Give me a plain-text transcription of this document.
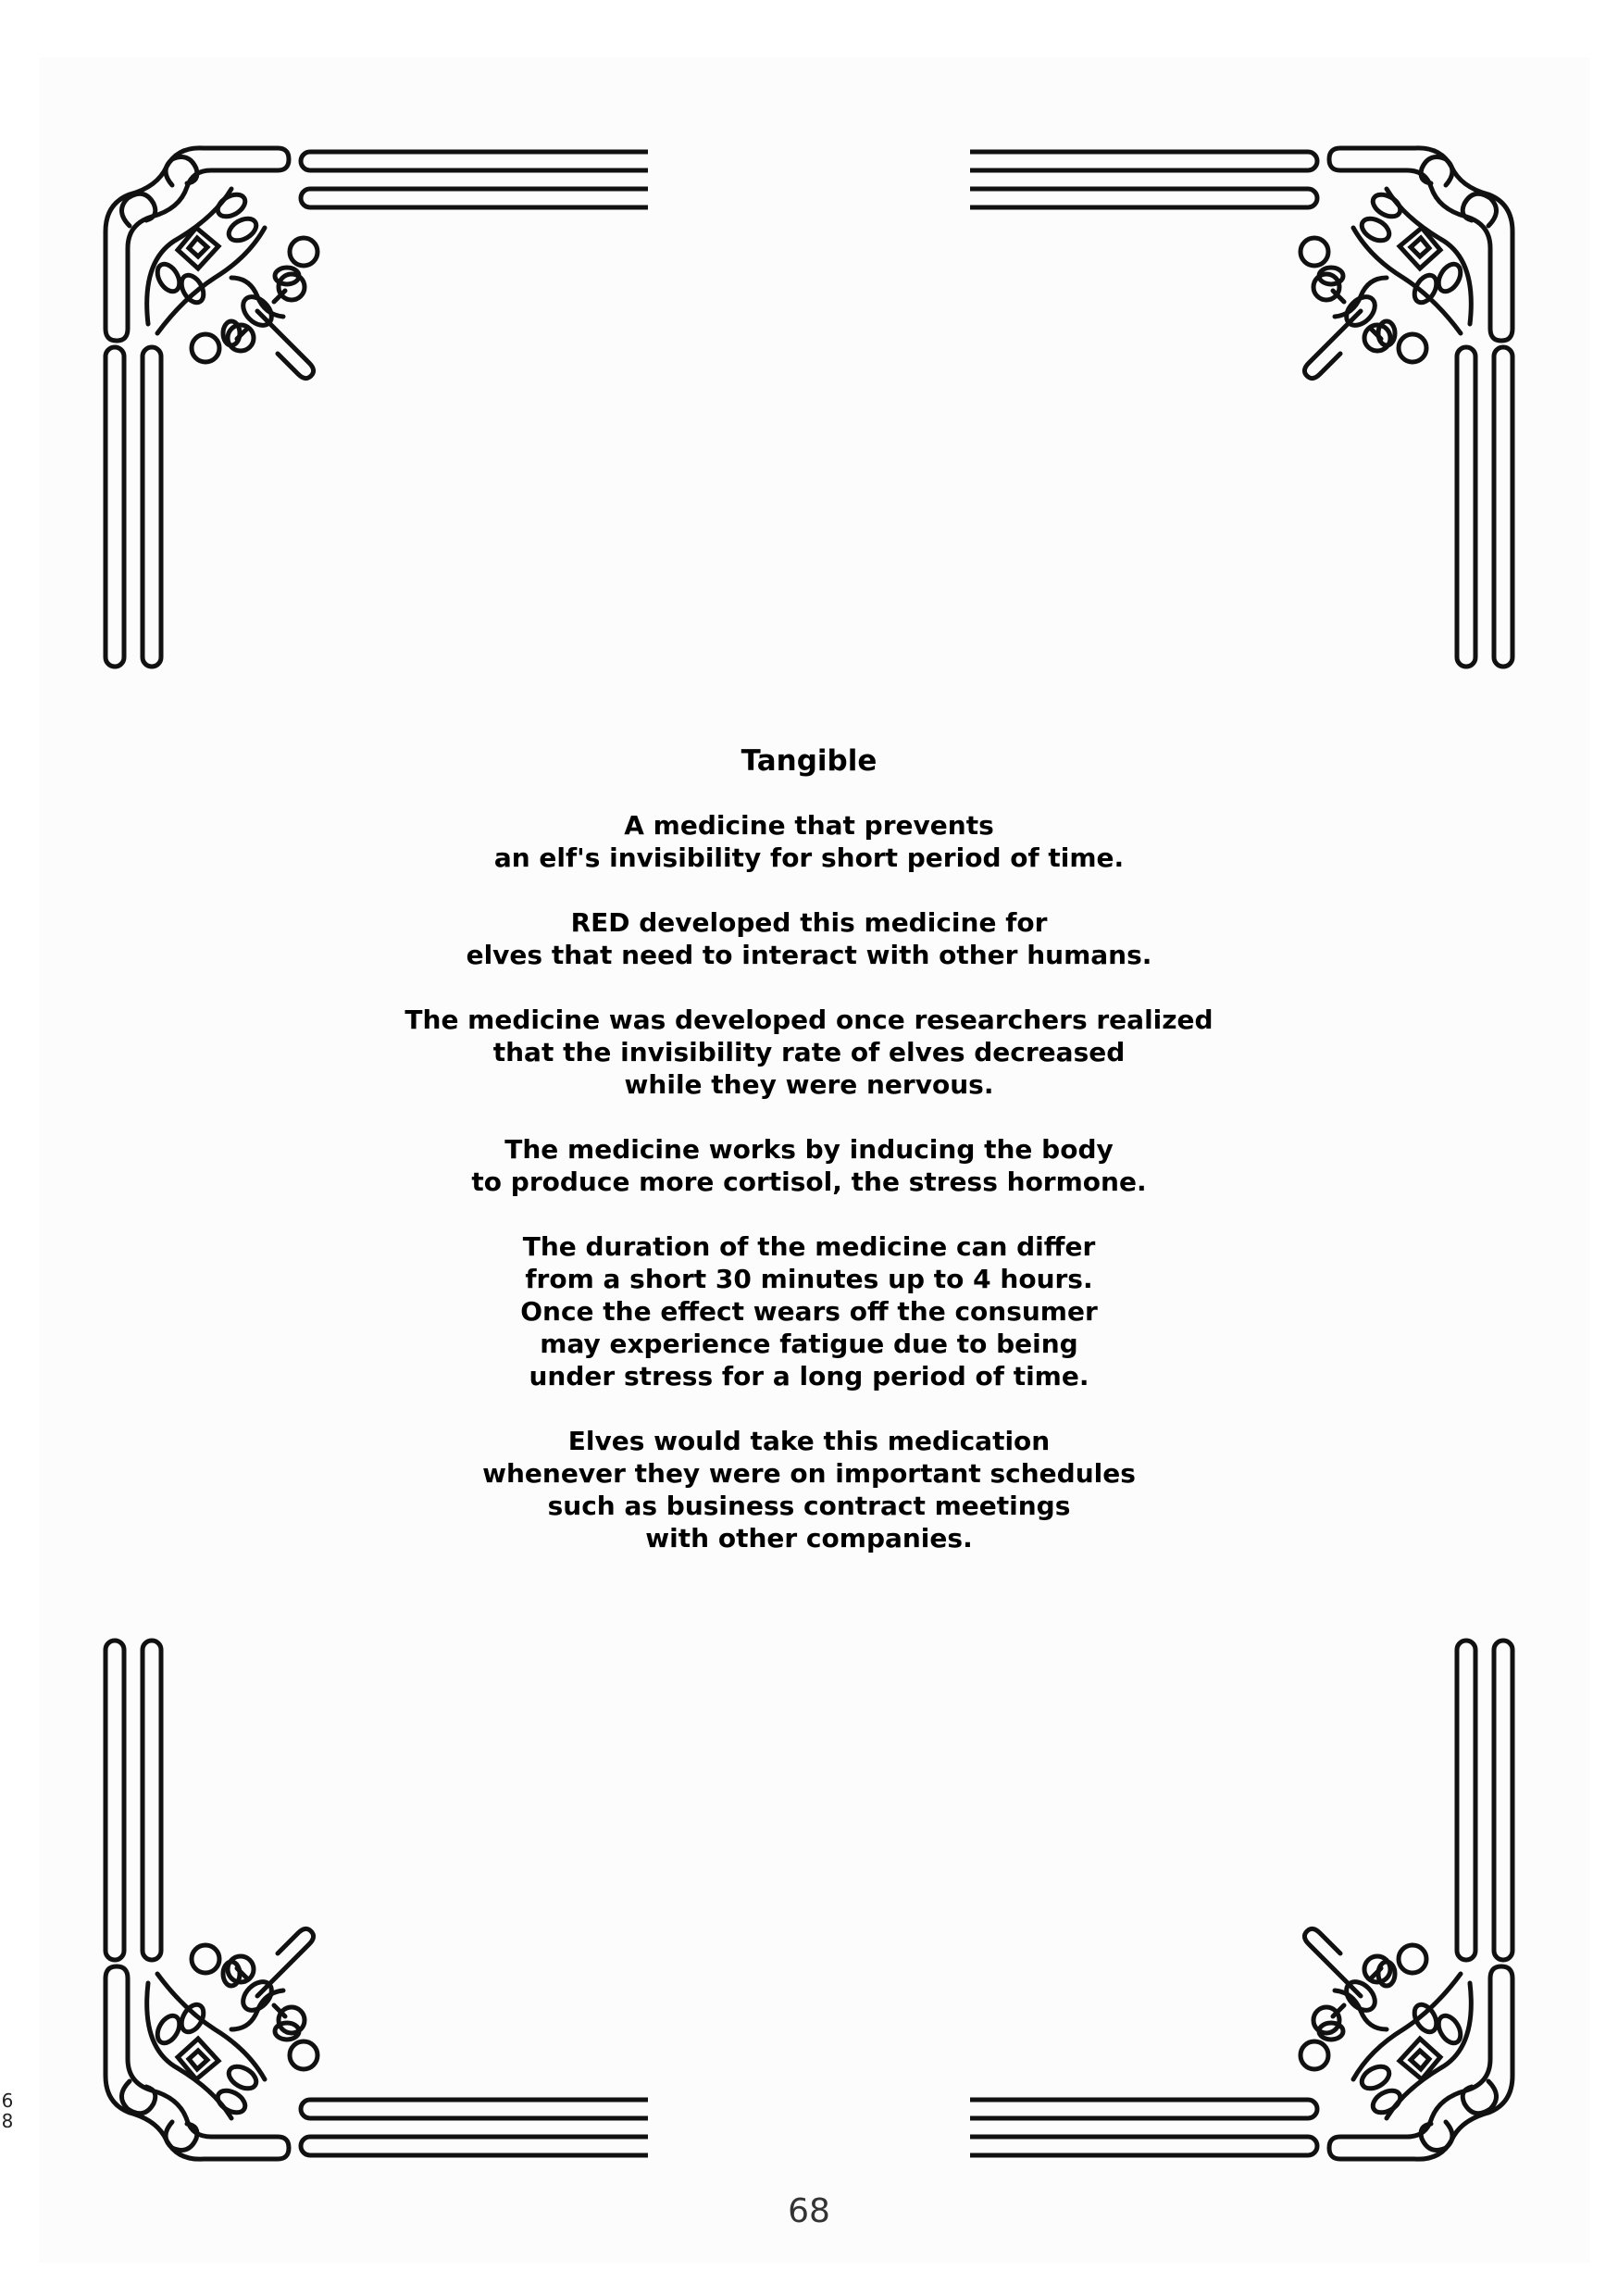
Tangible
A medicine that prevents
an elf's invisibility for short period of time.
RED developed this medicine for
elves that need to interact with other humans.
The medicine was developed once researchers realized
that the invisibility rate of elves decreased
while they were nervous.
The medicine works by inducing the body
to produce more cortisol, the stress hormone.
The duration of the medicine can differ
from a short 30 minutes up to 4 hours.
Once the effect wears off the consumer
may experience fatigue due to being
under stress for a long period of time.
Elves would take this medication
whenever they were on important schedules
such as business contract meetings
with other companies.
68
6
8
